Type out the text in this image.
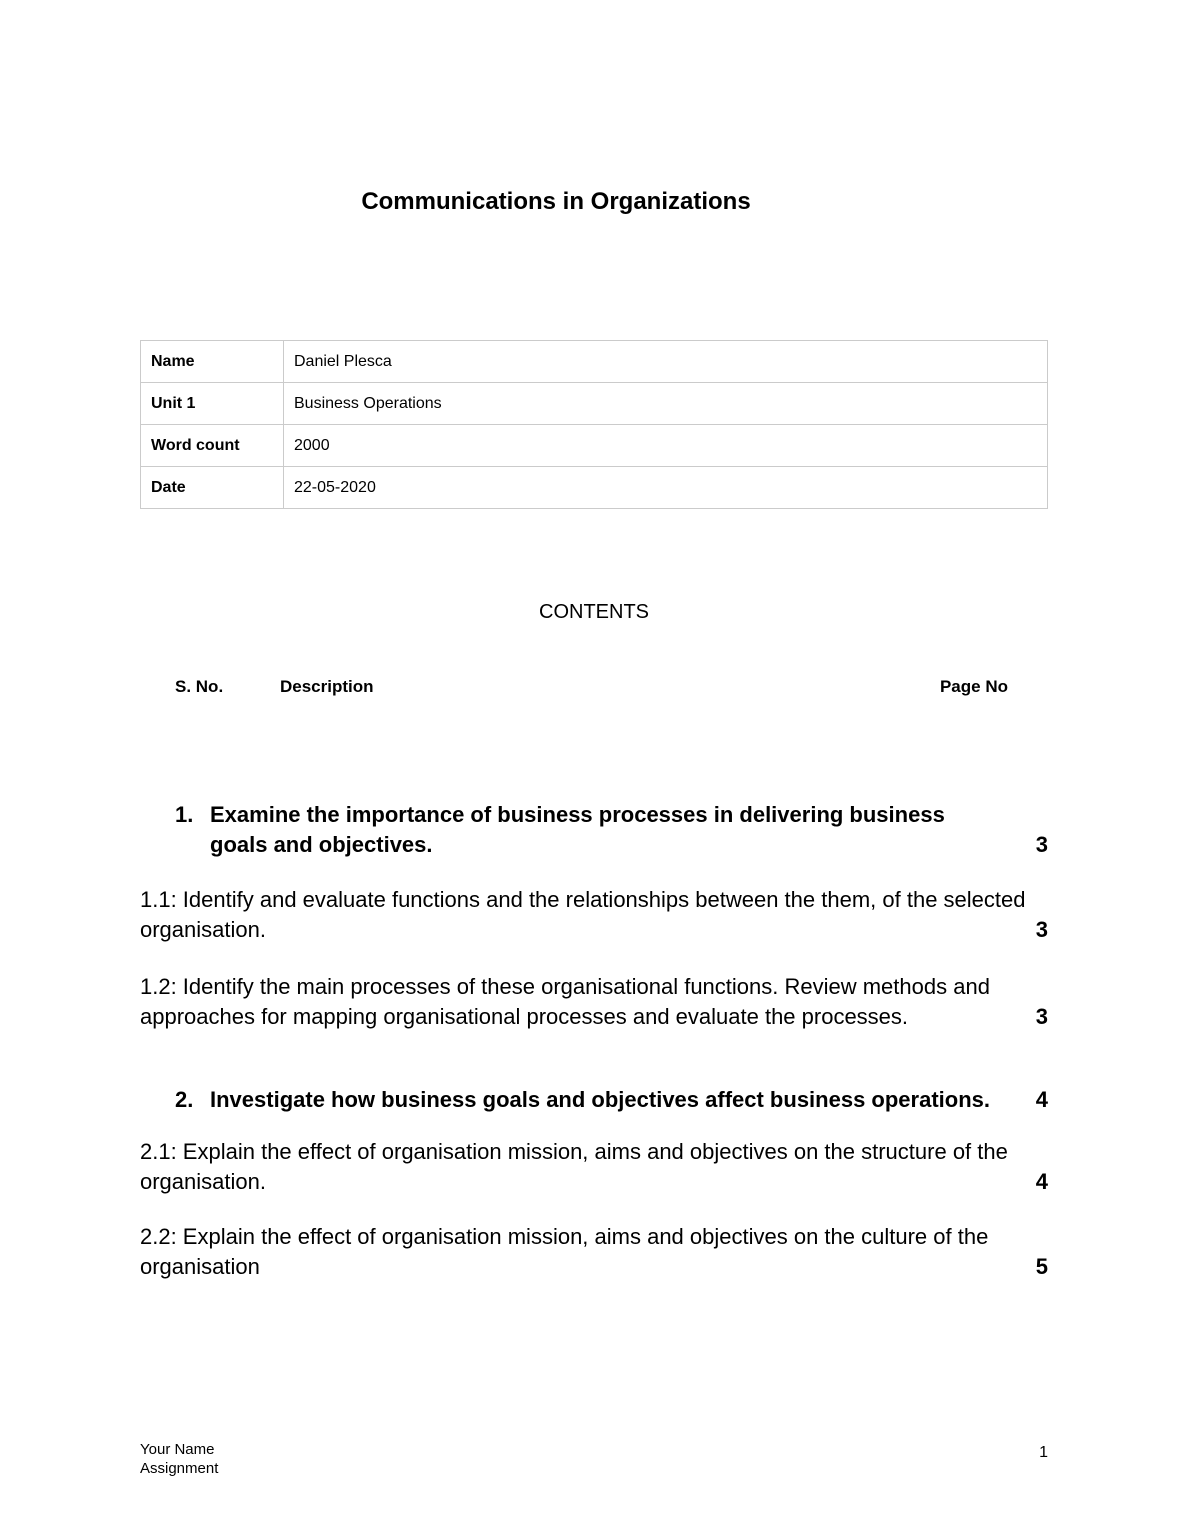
Communications in Organizations
Name	Daniel Plesca
Unit 1	Business Operations
Word count	2000
Date	22-05-2020
CONTENTS
S. No.	Description	Page No
1. Examine the importance of business processes in delivering business goals and objectives.	3
1.1: Identify and evaluate functions and the relationships between the them, of the selected organisation.	3
1.2: Identify the main processes of these organisational functions. Review methods and approaches for mapping organisational processes and evaluate the processes.	3
2. Investigate how business goals and objectives affect business operations.	4
2.1: Explain the effect of organisation mission, aims and objectives on the structure of the organisation.	4
2.2: Explain the effect of organisation mission, aims and objectives on the culture of the organisation	5
Your Name
Assignment
1
